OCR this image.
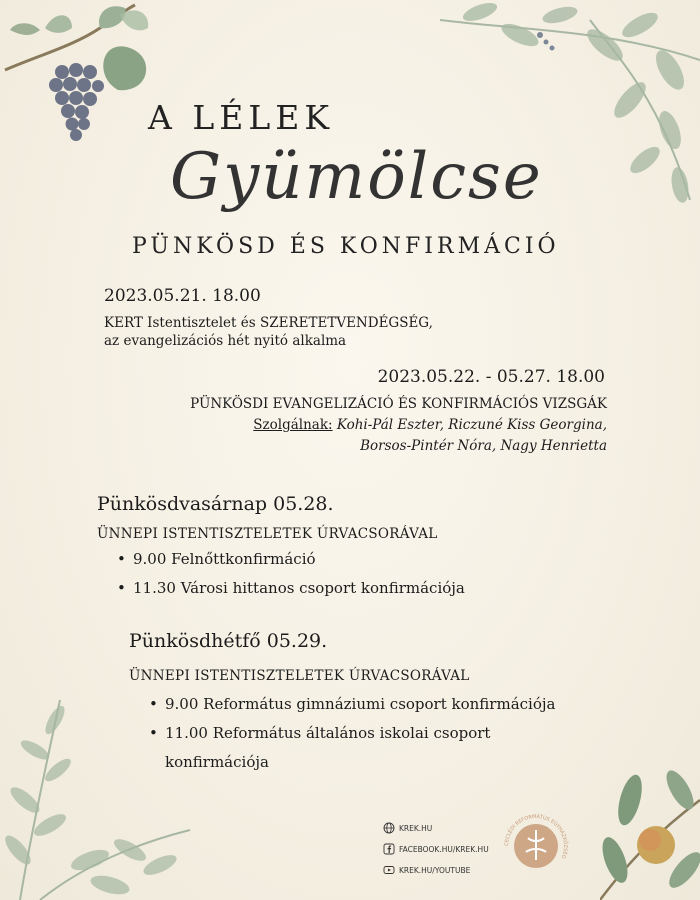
A LÉLEK
Gyümölcse
PÜNKÖSD ÉS KONFIRMÁCIÓ
2023.05.21. 18.00
KERT Istentisztelet és SZERETETVENDÉGSÉG,
az evangelizációs hét nyitó alkalma
2023.05.22. - 05.27. 18.00
PÜNKÖSDI EVANGELIZÁCIÓ ÉS KONFIRMÁCIÓS VIZSGÁK
Szolgálnak: Kohi-Pál Eszter, Riczuné Kiss Georgina,
Borsos-Pintér Nóra, Nagy Henrietta
Pünkösdvasárnap 05.28.
ÜNNEPI ISTENTISZTELETEK ÚRVACSORÁVAL
• 9.00 Felnőttkonfirmáció
• 11.30 Városi hittanos csoport konfirmációja
Pünkösdhétfő 05.29.
ÜNNEPI ISTENTISZTELETEK ÚRVACSORÁVAL
• 9.00 Református gimnáziumi csoport konfirmációja
• 11.00 Református általános iskolai csoport
konfirmációja
KREK.HU
FACEBOOK.HU/KREK.HU
KREK.HU/YOUTUBE
CECLÉDI REFORMÁTUS EGYHÁZKÖZSÉG
